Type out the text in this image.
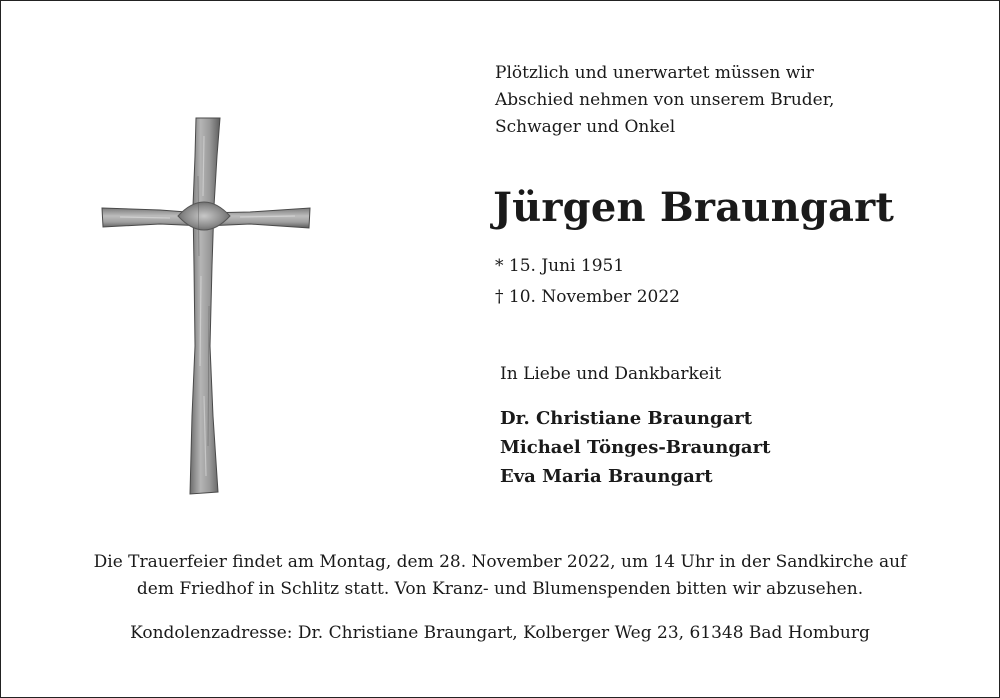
Plötzlich und unerwartet müssen wir
Abschied nehmen von unserem Bruder,
Schwager und Onkel
Jürgen Braungart
* 15. Juni 1951
† 10. November 2022
In Liebe und Dankbarkeit
Dr. Christiane Braungart
Michael Tönges-Braungart
Eva Maria Braungart
Die Trauerfeier findet am Montag, dem 28. November 2022, um 14 Uhr in der Sandkirche auf
dem Friedhof in Schlitz statt. Von Kranz- und Blumenspenden bitten wir abzusehen.
Kondolenzadresse: Dr. Christiane Braungart, Kolberger Weg 23, 61348 Bad Homburg
